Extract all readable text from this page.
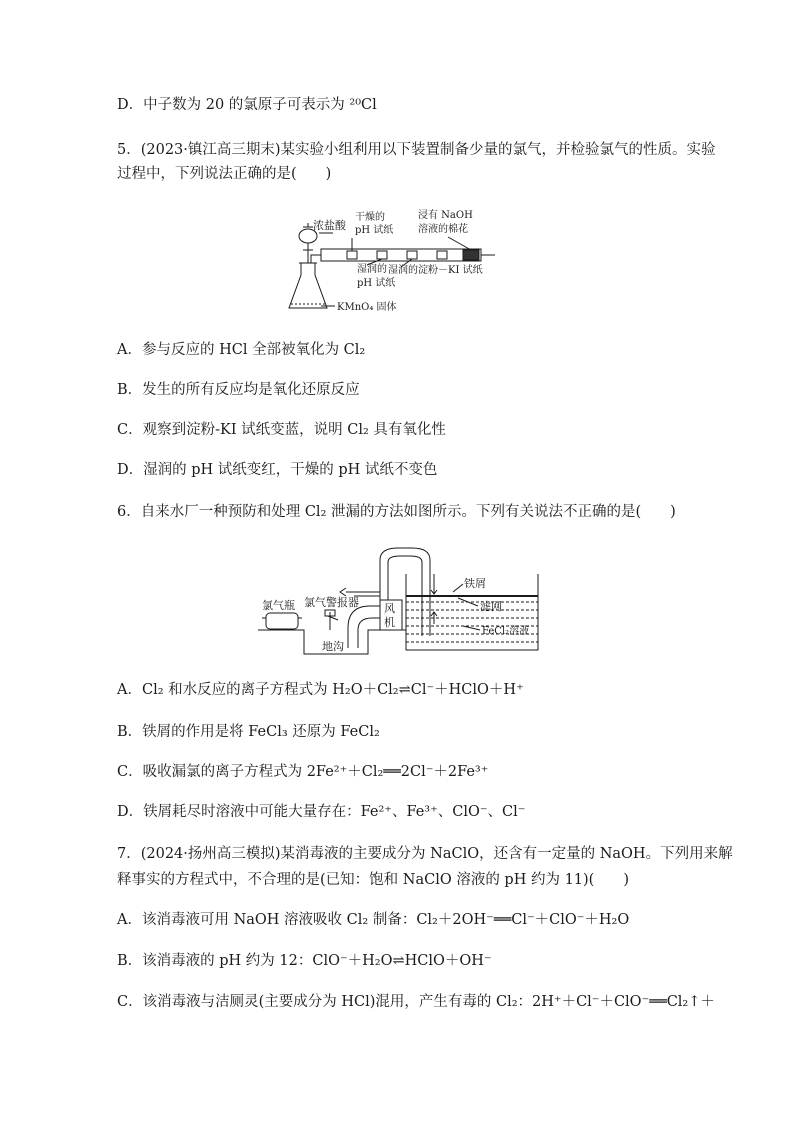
D．中子数为 20 的氯原子可表示为 ²⁰Cl
5．(2023·镇江高三期末)某实验小组利用以下装置制备少量的氯气，并检验氯气的性质。实验
过程中，下列说法正确的是(　　)
浓盐酸
干燥的
pH 试纸
浸有 NaOH
溶液的棉花
湿润的
pH 试纸
湿润的淀粉－KI 试纸
KMnO₄ 固体
A．参与反应的 HCl 全部被氧化为 Cl₂
B．发生的所有反应均是氧化还原反应
C．观察到淀粉-KI 试纸变蓝，说明 Cl₂ 具有氧化性
D．湿润的 pH 试纸变红，干燥的 pH 试纸不变色
6．自来水厂一种预防和处理 Cl₂ 泄漏的方法如图所示。下列有关说法不正确的是(　　)
氯气瓶 氯气警报器 风
机
铁屑
滤网
FeCl₂溶液
地沟
A．Cl₂ 和水反应的离子方程式为 H₂O＋Cl₂⇌Cl⁻＋HClO＋H⁺
B．铁屑的作用是将 FeCl₃ 还原为 FeCl₂
C．吸收漏氯的离子方程式为 2Fe²⁺＋Cl₂══2Cl⁻＋2Fe³⁺
D．铁屑耗尽时溶液中可能大量存在：Fe²⁺、Fe³⁺、ClO⁻、Cl⁻
7．(2024·扬州高三模拟)某消毒液的主要成分为 NaClO，还含有一定量的 NaOH。下列用来解
释事实的方程式中，不合理的是(已知：饱和 NaClO 溶液的 pH 约为 11)(　　)
A．该消毒液可用 NaOH 溶液吸收 Cl₂ 制备：Cl₂＋2OH⁻══Cl⁻＋ClO⁻＋H₂O
B．该消毒液的 pH 约为 12：ClO⁻＋H₂O⇌HClO＋OH⁻
C．该消毒液与洁厕灵(主要成分为 HCl)混用，产生有毒的 Cl₂：2H⁺＋Cl⁻＋ClO⁻══Cl₂↑＋
